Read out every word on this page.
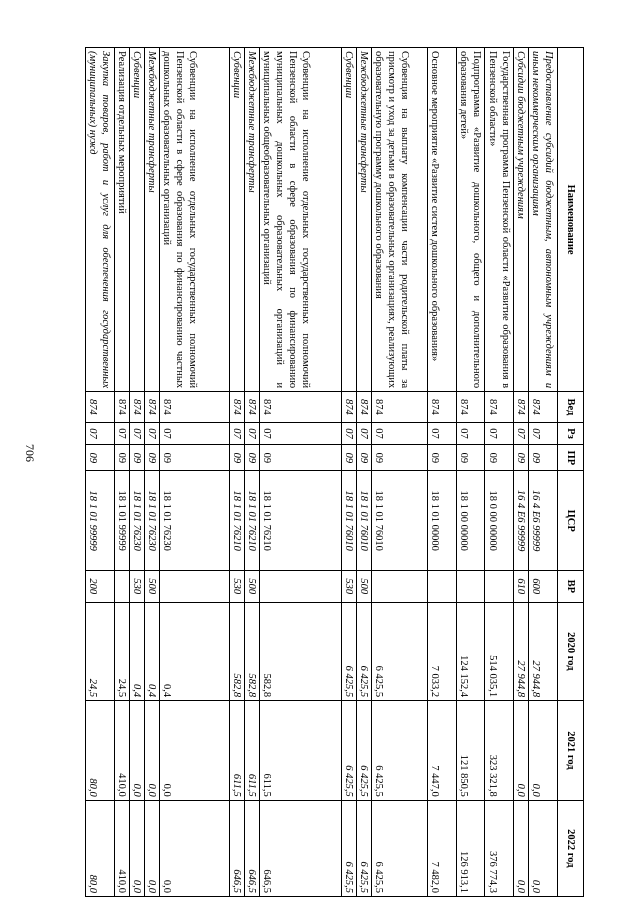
706
Наименование	Вед	Рз	ПР	ЦСР	ВР	2020 год	2021 год	2022 год
Предоставление субсидий бюджетным, автономным учреждениям и иным некоммерческим организациям	874	07	09	16 4 Е6 99999	600	27 944,8	0,0	0,0
Субсидии бюджетным учреждениям	874	07	09	16 4 Е6 99999	610	27 944,8	0,0	0,0
Государственная программа Пензенской области «Развитие образования в Пензенской области»	874	07	09	18 0 00 00000		514 035,1	323 321,8	376 774,3
Подпрограмма «Развитие дошкольного, общего и дополнительного образования детей»	874	07	09	18 1 00 00000		124 152,4	121 850,5	126 913,1
Основное мероприятие «Развитие систем дошкольного образования»	874	07	09	18 1 01 00000		7 033,2	7 447,0	7 482,0
Субвенция на выплату компенсации части родительской платы за присмотр и уход за детьми в образовательных организациях, реализующих образовательную программу дошкольного образования	874	07	09	18 1 01 76010		6 425,5	6 425,5	6 425,5
Межбюджетные трансферты	874	07	09	18 1 01 76010	500	6 425,5	6 425,5	6 425,5
Субвенции	874	07	09	18 1 01 76010	530	6 425,5	6 425,5	6 425,5
Субвенции на исполнение отдельных государственных полномочий Пензенской области в сфере образования по финансированию муниципальных дошкольных образовательных организаций и муниципальных общеобразовательных организаций	874	07	09	18 1 01 76210		582,8	611,5	646,5
Межбюджетные трансферты	874	07	09	18 1 01 76210	500	582,8	611,5	646,5
Субвенции	874	07	09	18 1 01 76210	530	582,8	611,5	646,5
Субвенции на исполнение отдельных государственных полномочий Пензенской области в сфере образования по финансированию частных дошкольных образовательных организаций	874	07	09	18 1 01 76230		0,4	0,0	0,0
Межбюджетные трансферты	874	07	09	18 1 01 76230	500	0,4	0,0	0,0
Субвенции	874	07	09	18 1 01 76230	530	0,4	0,0	0,0
Реализация отдельных мероприятий	874	07	09	18 1 01 99999		24,5	410,0	410,0
Закупка товаров, работ и услуг для обеспечения государственных (муниципальных) нужд	874	07	09	18 1 01 99999	200	24,5	80,0	80,0
